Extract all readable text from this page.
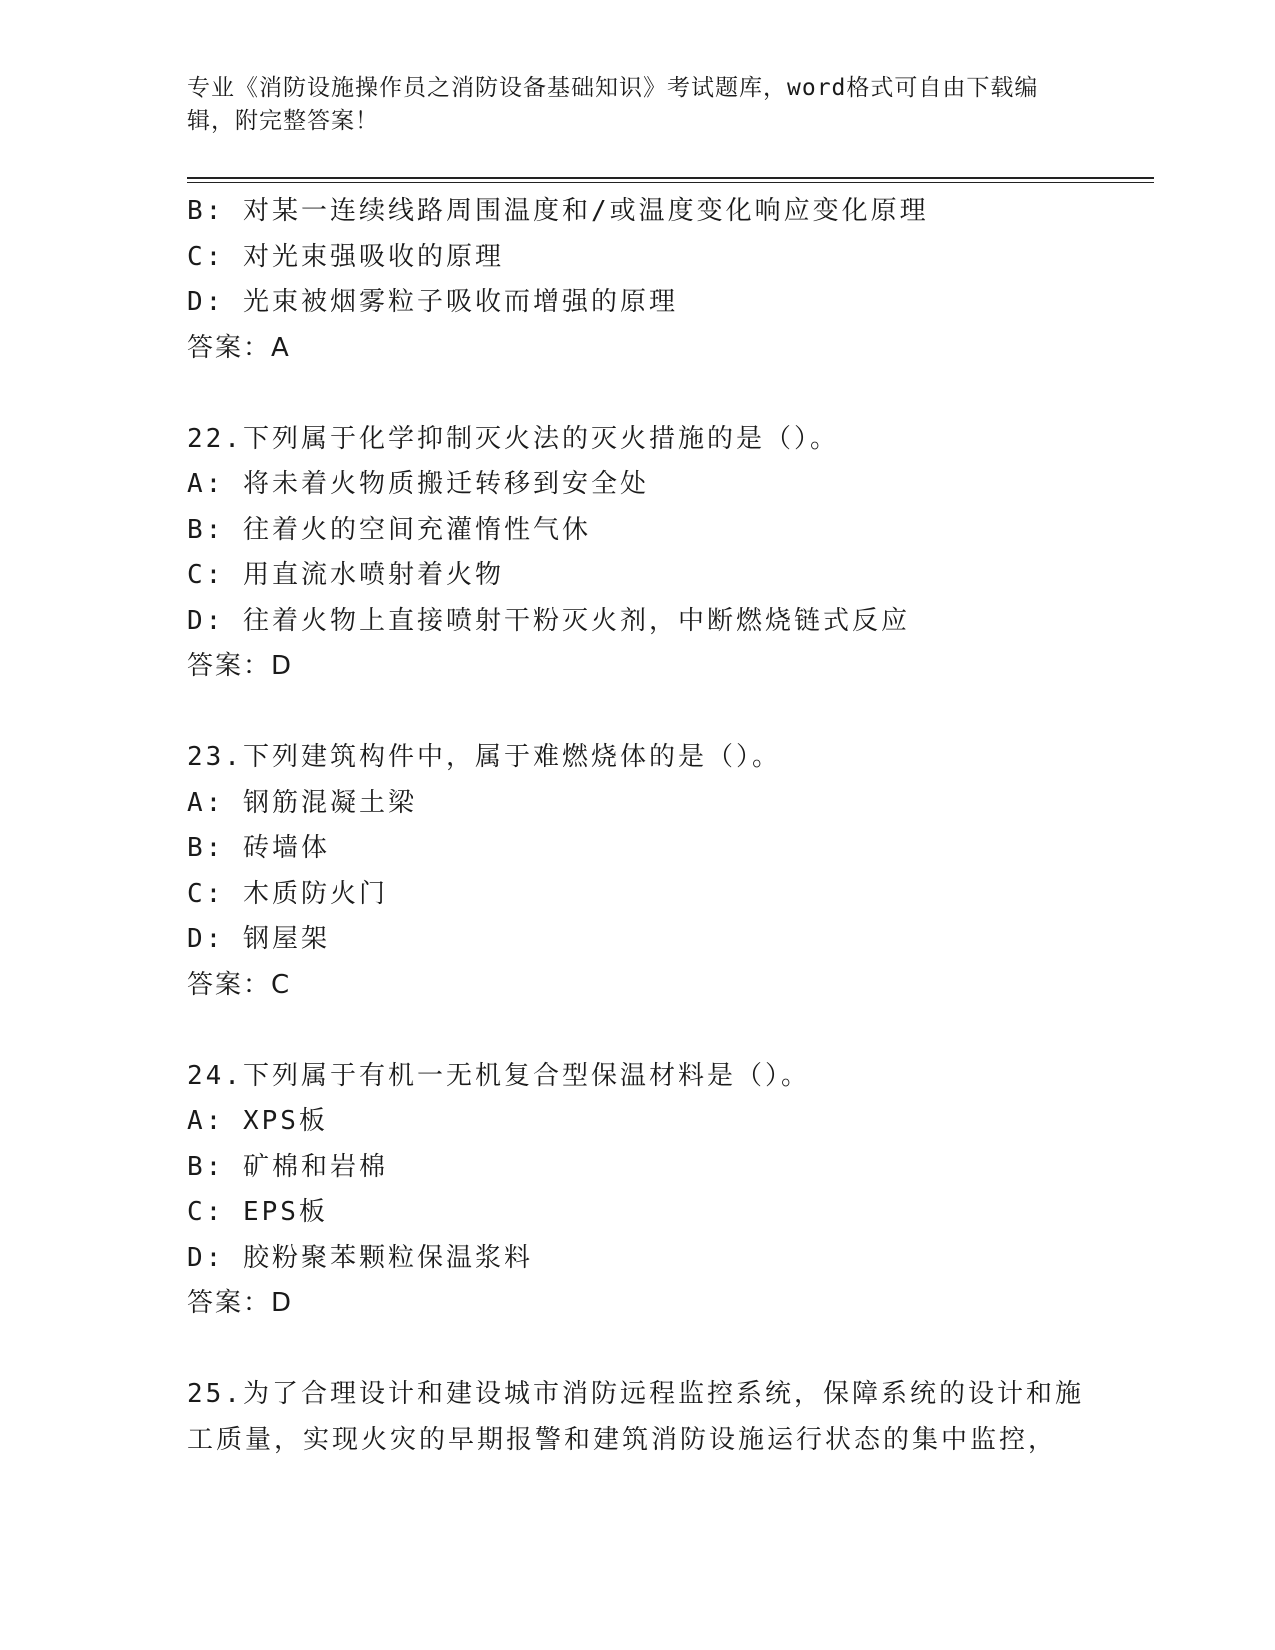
专业《消防设施操作员之消防设备基础知识》考试题库，word格式可自由下载编
辑，附完整答案！
B: 对某一连续线路周围温度和/或温度变化响应变化原理
C: 对光束强吸收的原理
D: 光束被烟雾粒子吸收而增强的原理
答案：A
22.下列属于化学抑制灭火法的灭火措施的是（）。
A: 将未着火物质搬迁转移到安全处
B: 往着火的空间充灌惰性气休
C: 用直流水喷射着火物
D: 往着火物上直接喷射干粉灭火剂，中断燃烧链式反应
答案：D
23.下列建筑构件中，属于难燃烧体的是（）。
A: 钢筋混凝土梁
B: 砖墙体
C: 木质防火门
D: 钢屋架
答案：C
24.下列属于有机一无机复合型保温材料是（）。
A: XPS板
B: 矿棉和岩棉
C: EPS板
D: 胶粉聚苯颗粒保温浆料
答案：D
25.为了合理设计和建设城市消防远程监控系统，保障系统的设计和施
工质量，实现火灾的早期报警和建筑消防设施运行状态的集中监控，
